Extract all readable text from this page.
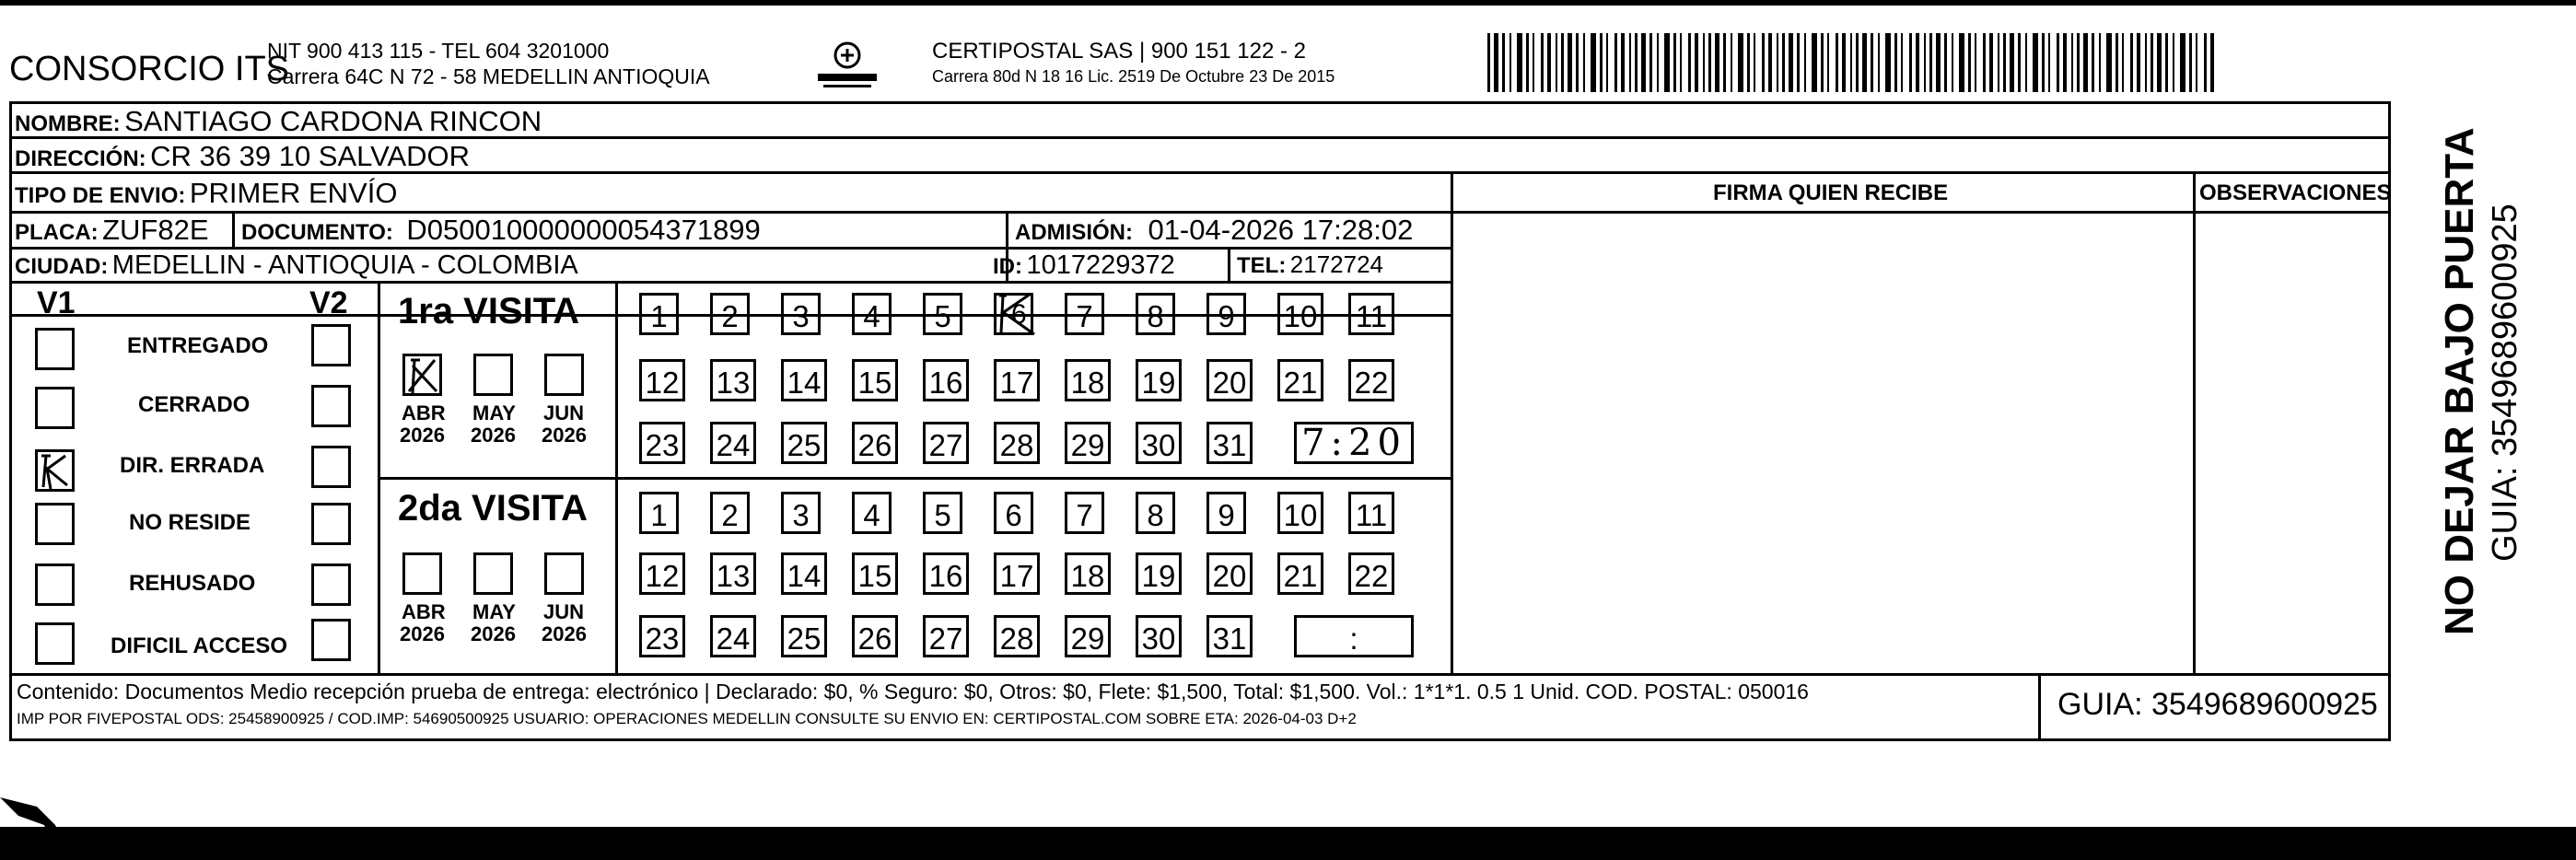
CONSORCIO ITS
NIT 900 413 115 - TEL 604 3201000
Carrera 64C N 72 - 58 MEDELLIN ANTIOQUIA
CERTIPOSTAL SAS | 900 151 122 - 2
Carrera 80d N 18 16 Lic. 2519 De Octubre 23 De 2015
NOMBRE: SANTIAGO CARDONA RINCON
DIRECCIÓN: CR 36 39 10 SALVADOR
TIPO DE ENVIO: PRIMER ENVÍO	FIRMA QUIEN RECIBE	OBSERVACIONES
PLACA: ZUF82E DOCUMENTO: D050010000000054371899	ADMISIÓN: 01-04-2026 17:28:02
CIUDAD: MEDELLIN - ANTIOQUIA - COLOMBIA	ID: 1017229372	TEL: 2172724
V1	V2
ENTREGADO
CERRADO
DIR. ERRADA
NO RESIDE
REHUSADO
DIFICIL ACCESO
1ra VISITA
2da VISITA
ABR
2026
MAY
2026
JUN
2026
ABR
2026
MAY
2026
JUN
2026
1	2	3	4	5	6	7	8	9	10 11
12 13 14 15 16 17 18 19 20 21 22
23 24 25 26 27 28 29 30 31 7:20
1	2	3	4	5	6	7	8	9	10 11
12 13 14 15 16 17 18 19 20 21 22
23 24 25 26 27 28 29 30 31	:
Contenido: Documentos Medio recepción prueba de entrega: electrónico | Declarado: $0, % Seguro: $0, Otros: $0, Flete: $1,500, Total: $1,500. Vol.: 1*1*1. 0.5 1 Unid. COD. POSTAL: 050016
IMP POR FIVEPOSTAL ODS: 25458900925 / COD.IMP: 54690500925 USUARIO: OPERACIONES MEDELLIN CONSULTE SU ENVIO EN: CERTIPOSTAL.COM SOBRE ETA: 2026-04-03 D+2	GUIA: 3549689600925
NO DEJAR BAJO PUERTA GUIA: 3549689600925
